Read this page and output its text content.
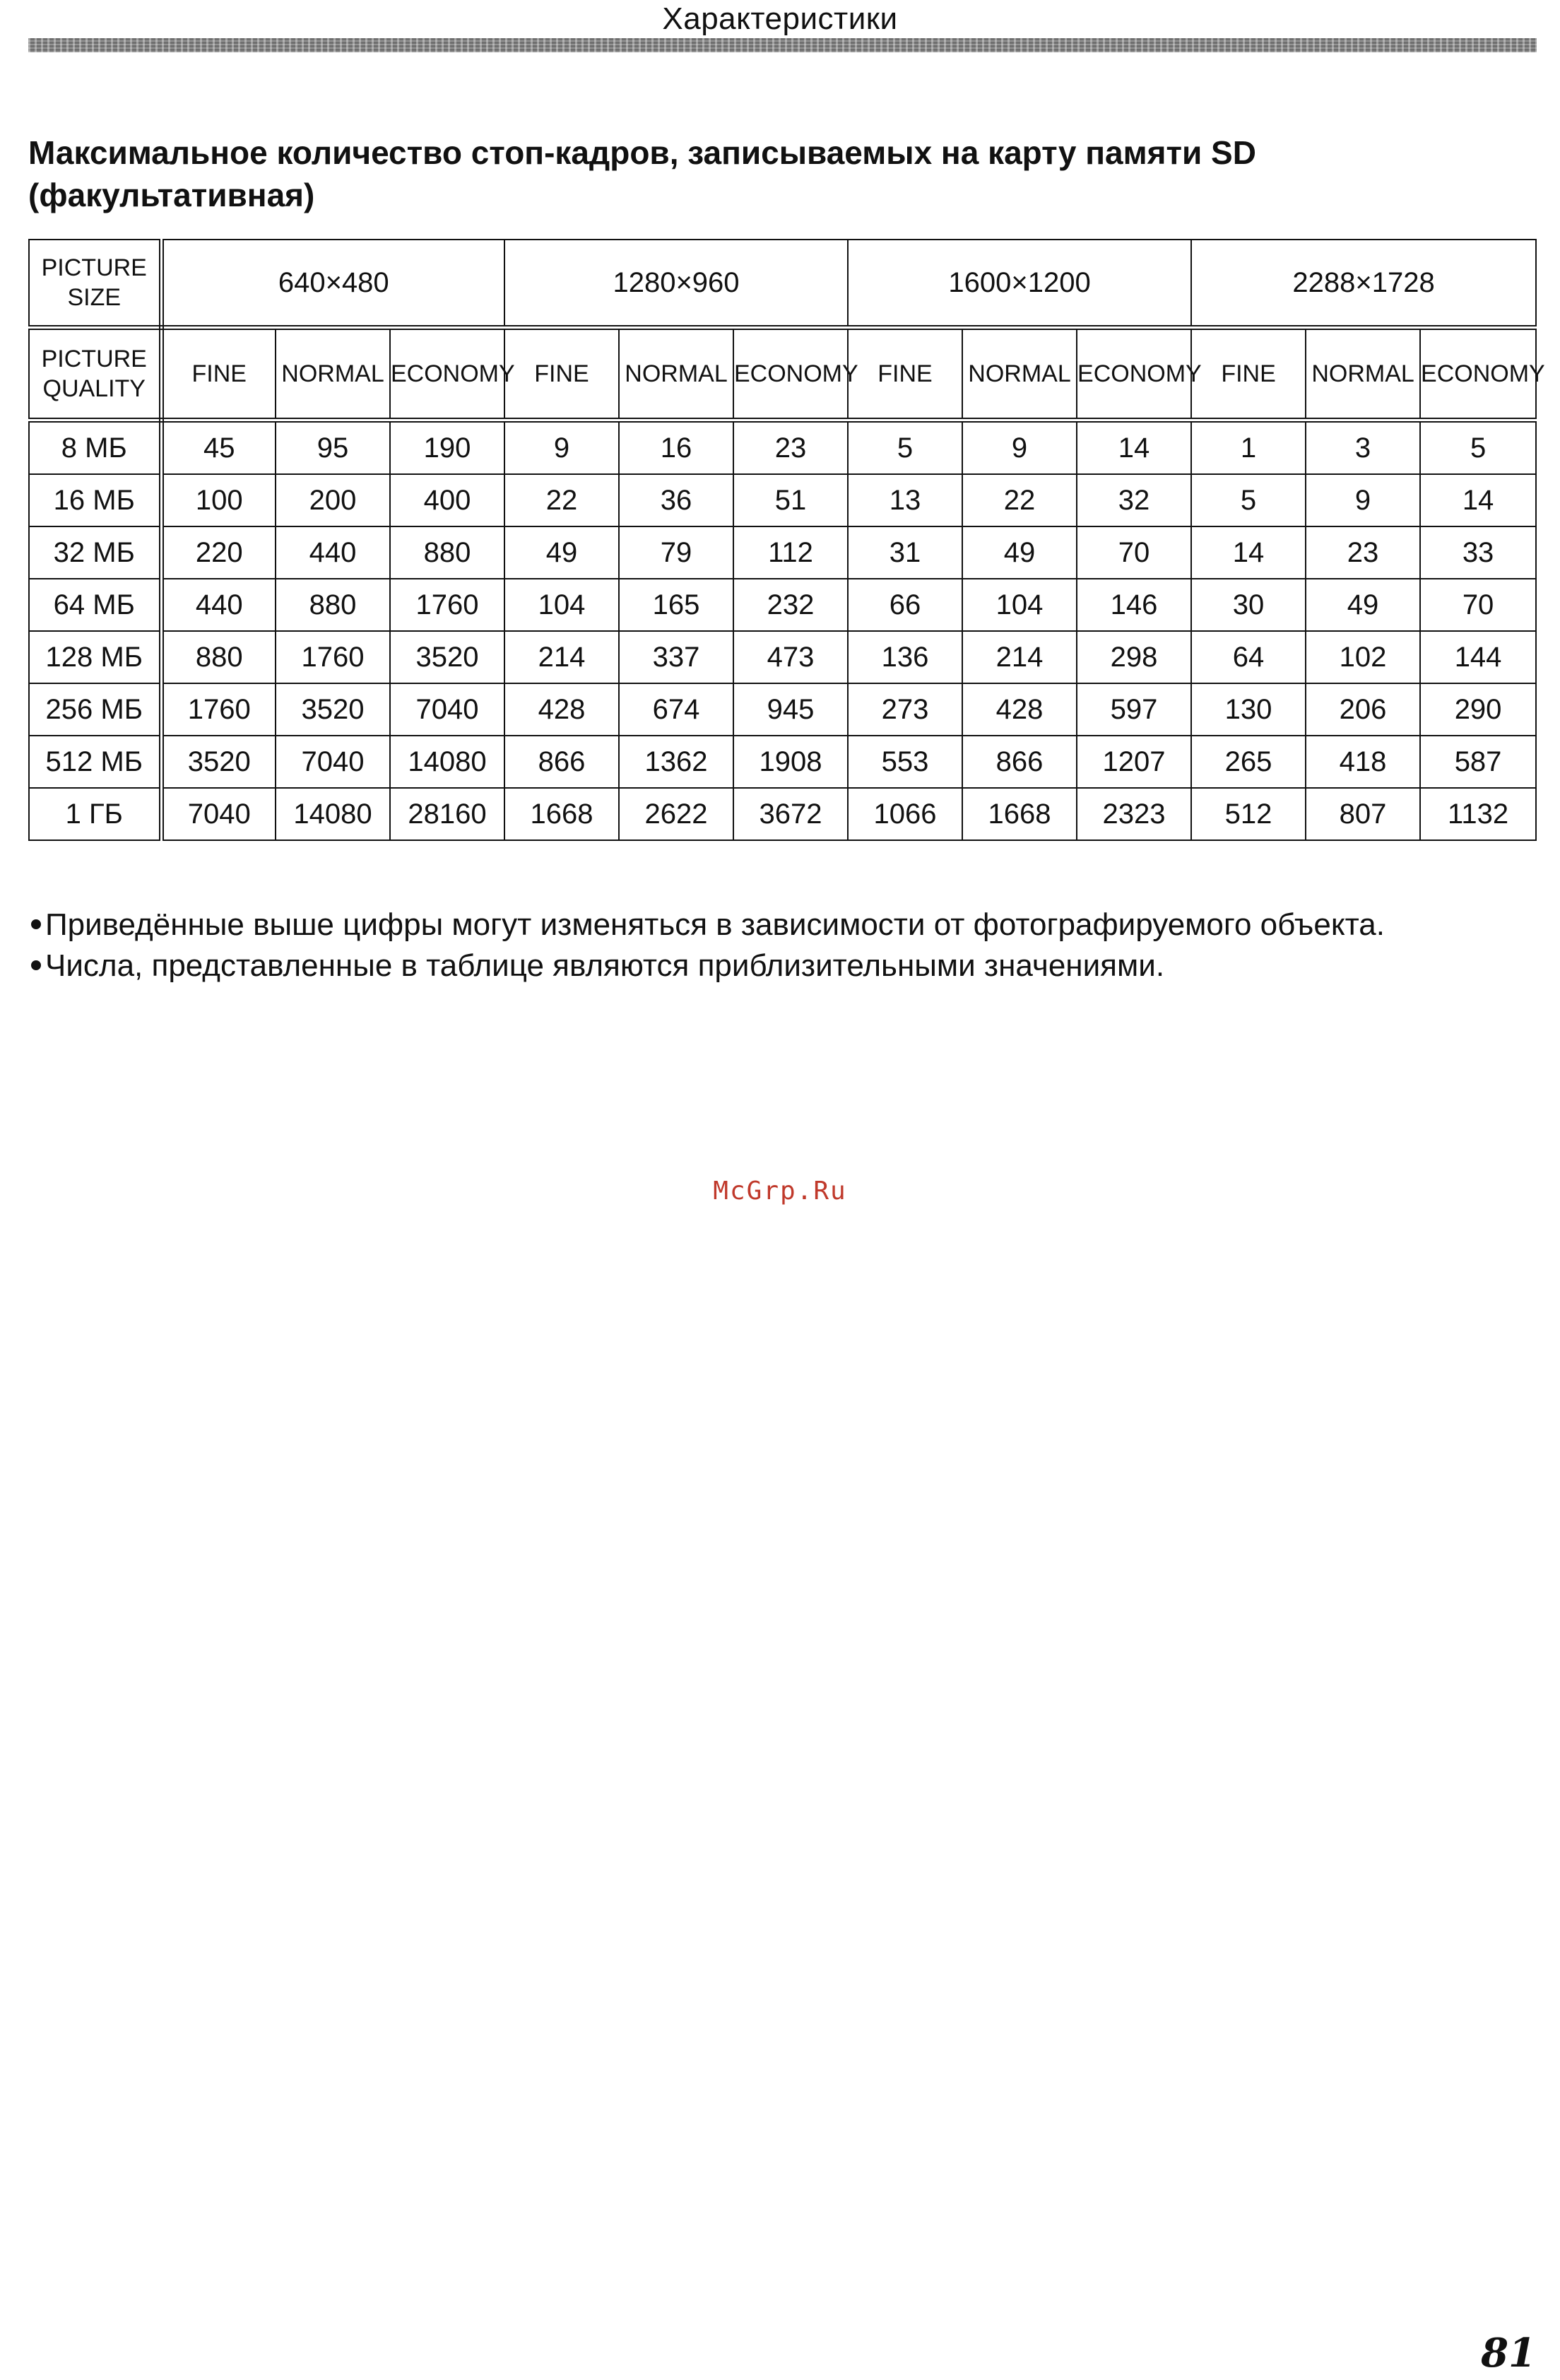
Характеристики
Максимальное количество стоп-кадров, записываемых на карту памяти SD
(факультативная)
PICTURE
SIZE	640×480			1280×960			1600×1200			2288×1728		

PICTURE
QUALITY	FINE	NORMAL	ECONOMY	FINE	NORMAL	ECONOMY	FINE	NORMAL	ECONOMY	FINE	NORMAL	ECONOMY
8 МБ	45	95	190	9	16	23	5	9	14	1	3	5
16 МБ	100	200	400	22	36	51	13	22	32	5	9	14
32 МБ	220	440	880	49	79	112	31	49	70	14	23	33
64 МБ	440	880	1760	104	165	232	66	104	146	30	49	70
128 МБ	880	1760	3520	214	337	473	136	214	298	64	102	144
256 МБ	1760	3520	7040	428	674	945	273	428	597	130	206	290
512 МБ	3520	7040	14080	866	1362	1908	553	866	1207	265	418	587
1 ГБ	7040	14080	28160	1668	2622	3672	1066	1668	2323	512	807	1132
Приведённые выше цифры могут изменяться в зависимости от фотографируемого объекта.
Числа, представленные в таблице являются приблизительными значениями.
McGrp.Ru
81
